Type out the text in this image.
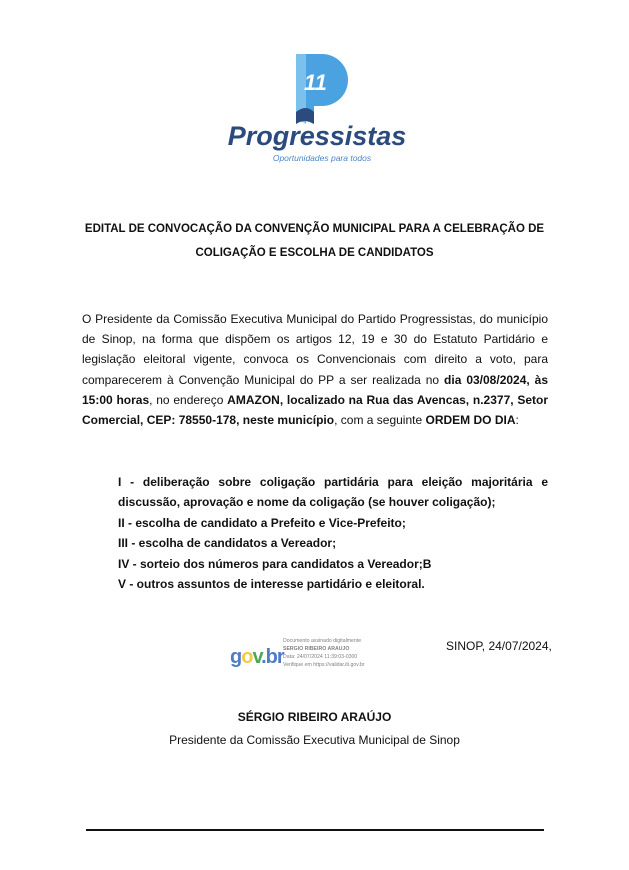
11
Progressistas
Oportunidades para todos
EDITAL DE CONVOCAÇÃO DA CONVENÇÃO MUNICIPAL PARA A CELEBRAÇÃO DE
COLIGAÇÃO E ESCOLHA DE CANDIDATOS
O Presidente da Comissão Executiva Municipal do Partido Progressistas, do município de Sinop, na forma que dispõem os artigos 12, 19 e 30 do Estatuto Partidário e legislação eleitoral vigente, convoca os Convencionais com direito a voto, para comparecerem à Convenção Municipal do PP a ser realizada no dia 03/08/2024, às 15:00 horas, no endereço AMAZON, localizado na Rua das Avencas, n.2377, Setor Comercial, CEP: 78550-178, neste município, com a seguinte ORDEM DO DIA:
I - deliberação sobre coligação partidária para eleição majoritária e discussão, aprovação e nome da coligação (se houver coligação);
II - escolha de candidato a Prefeito e Vice-Prefeito;
III - escolha de candidatos a Vereador;
IV - sorteio dos números para candidatos a Vereador;B
V - outros assuntos de interesse partidário e eleitoral.
gov.br
Documento assinado digitalmente
SERGIO RIBEIRO ARAUJO
Data: 24/07/2024 11:39:03-0300
Verifique em https://validar.iti.gov.br
SINOP, 24/07/2024,
SÉRGIO RIBEIRO ARAÚJO
Presidente da Comissão Executiva Municipal de Sinop
